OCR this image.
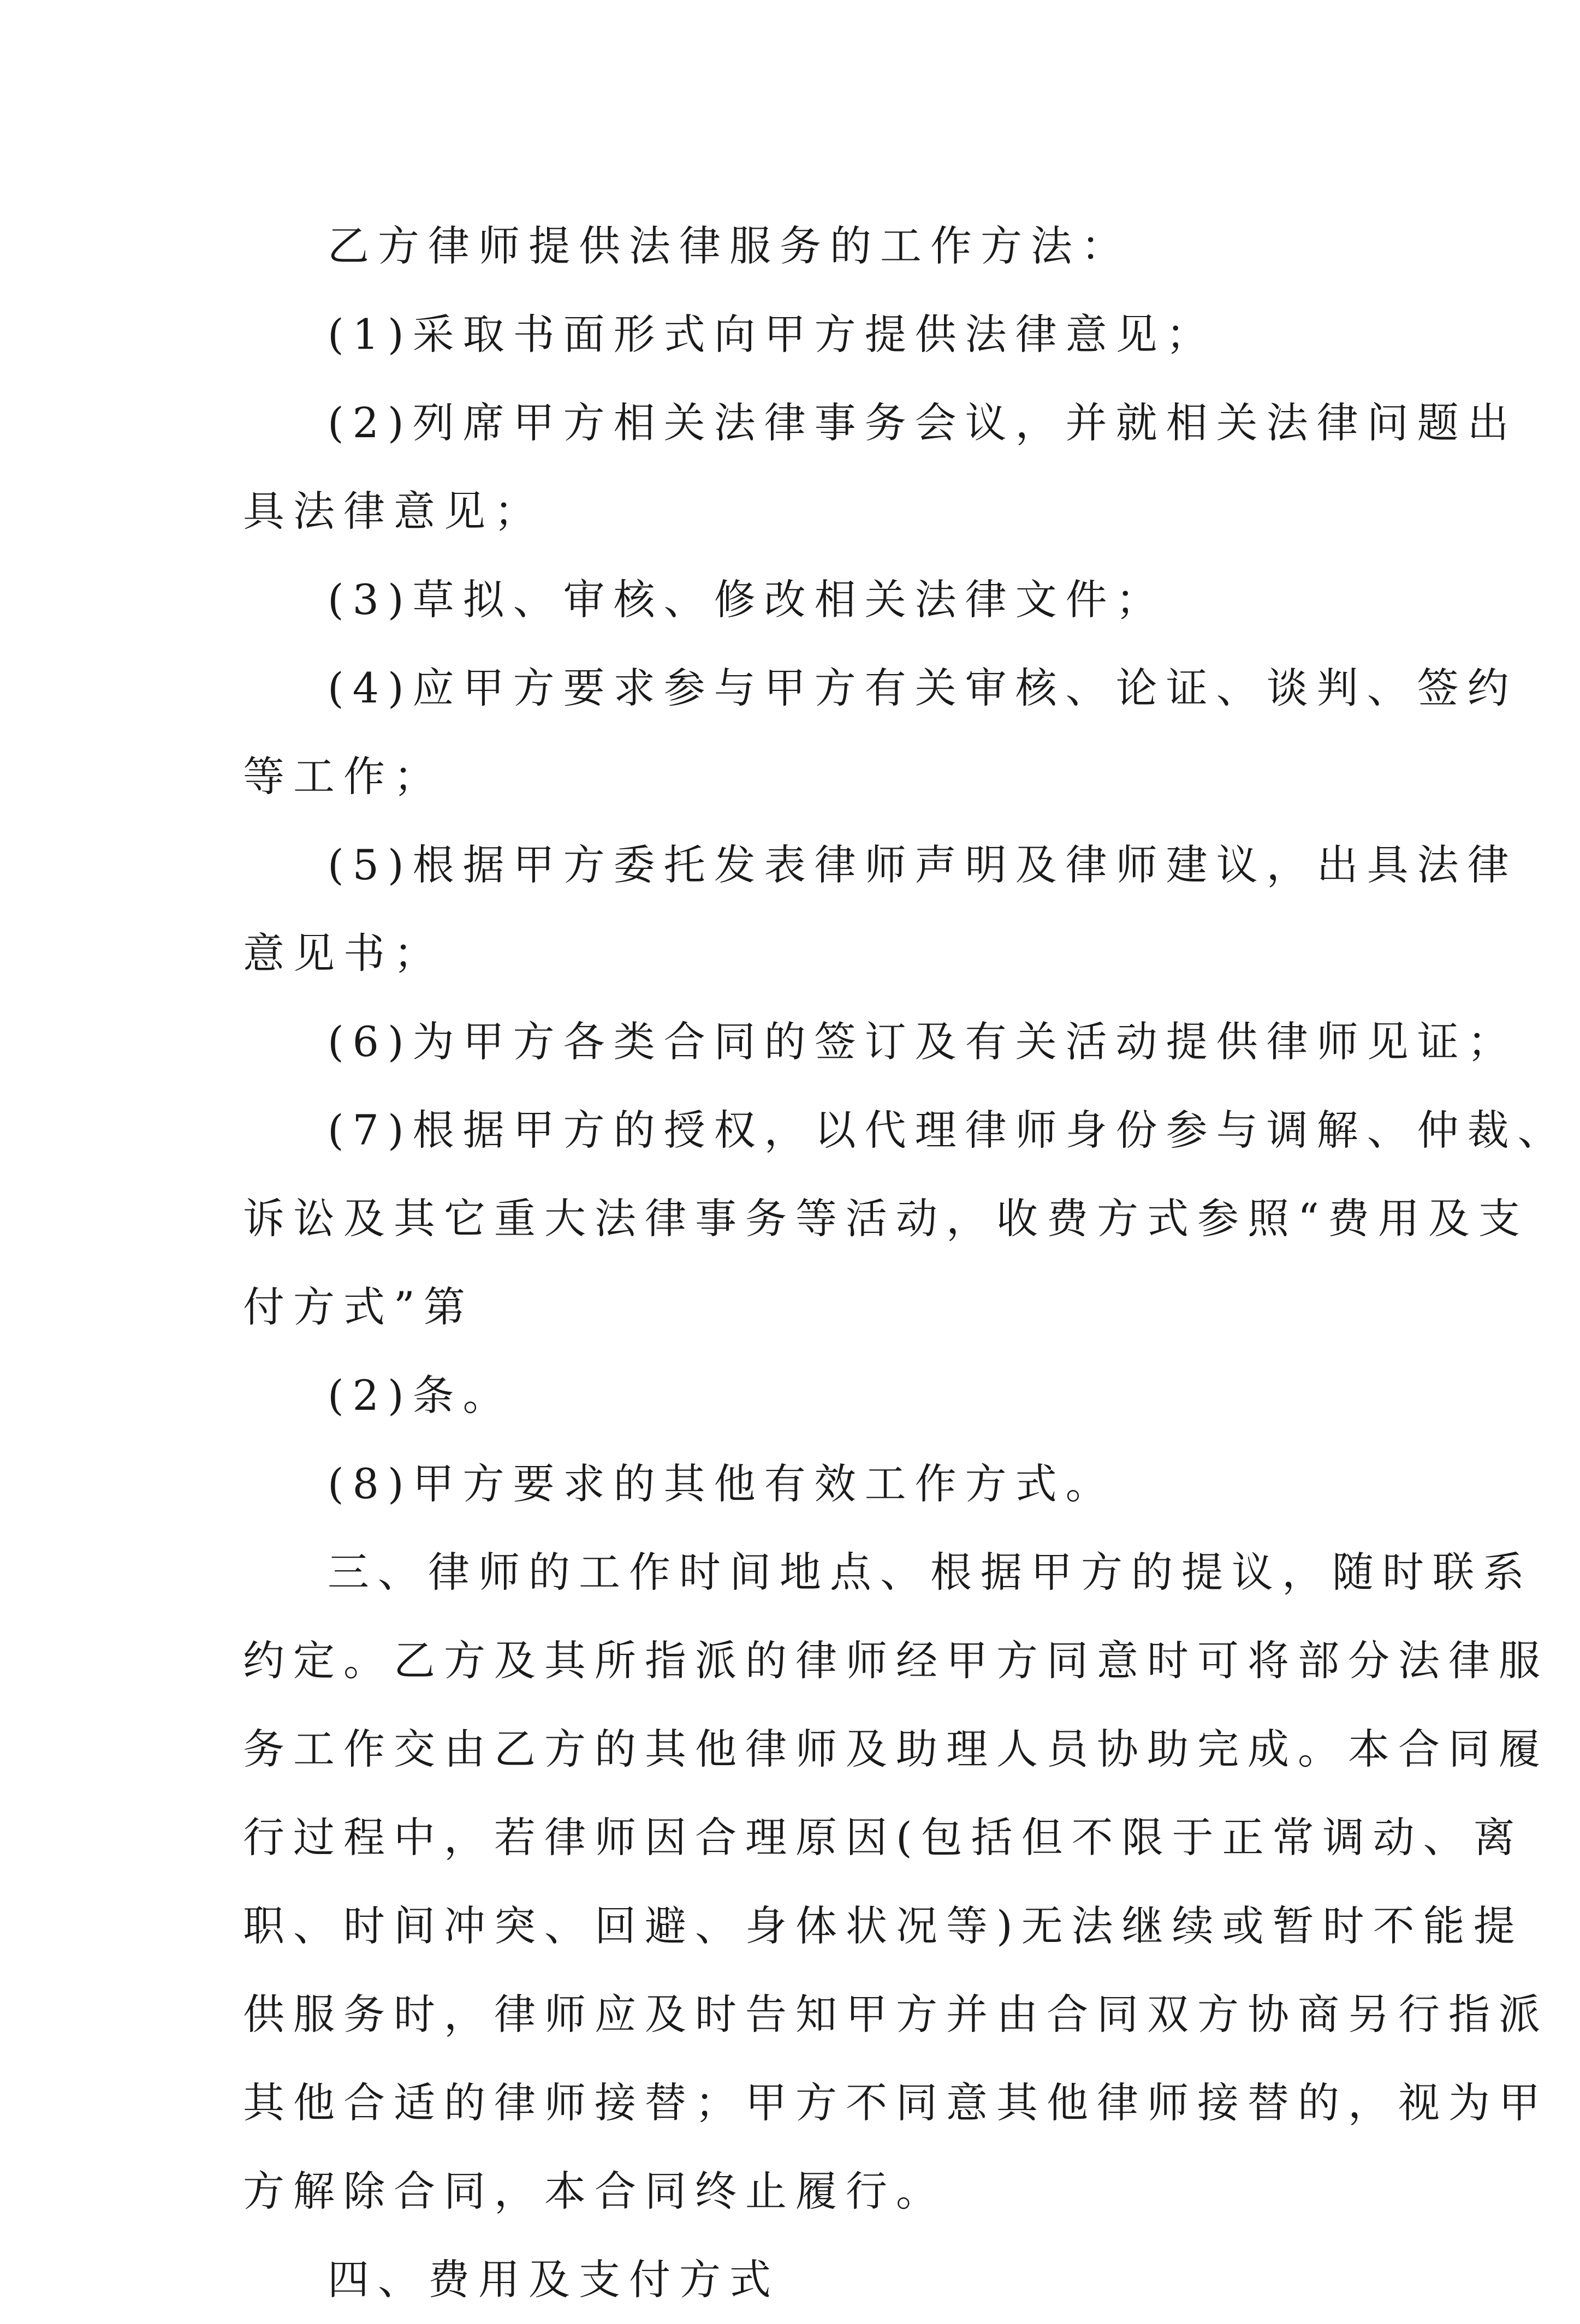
乙方律师提供法律服务的工作方法：
(1)采取书面形式向甲方提供法律意见；
(2)列席甲方相关法律事务会议，并就相关法律问题出
具法律意见；
(3)草拟、审核、修改相关法律文件；
(4)应甲方要求参与甲方有关审核、论证、谈判、签约
等工作；
(5)根据甲方委托发表律师声明及律师建议，出具法律
意见书；
(6)为甲方各类合同的签订及有关活动提供律师见证；
(7)根据甲方的授权，以代理律师身份参与调解、仲裁、
诉讼及其它重大法律事务等活动，收费方式参照“费用及支
付方式”第
(2)条。
(8)甲方要求的其他有效工作方式。
三、律师的工作时间地点、根据甲方的提议，随时联系
约定。乙方及其所指派的律师经甲方同意时可将部分法律服
务工作交由乙方的其他律师及助理人员协助完成。本合同履
行过程中，若律师因合理原因(包括但不限于正常调动、离
职、时间冲突、回避、身体状况等)无法继续或暂时不能提
供服务时，律师应及时告知甲方并由合同双方协商另行指派
其他合适的律师接替；甲方不同意其他律师接替的，视为甲
方解除合同，本合同终止履行。
四、费用及支付方式
